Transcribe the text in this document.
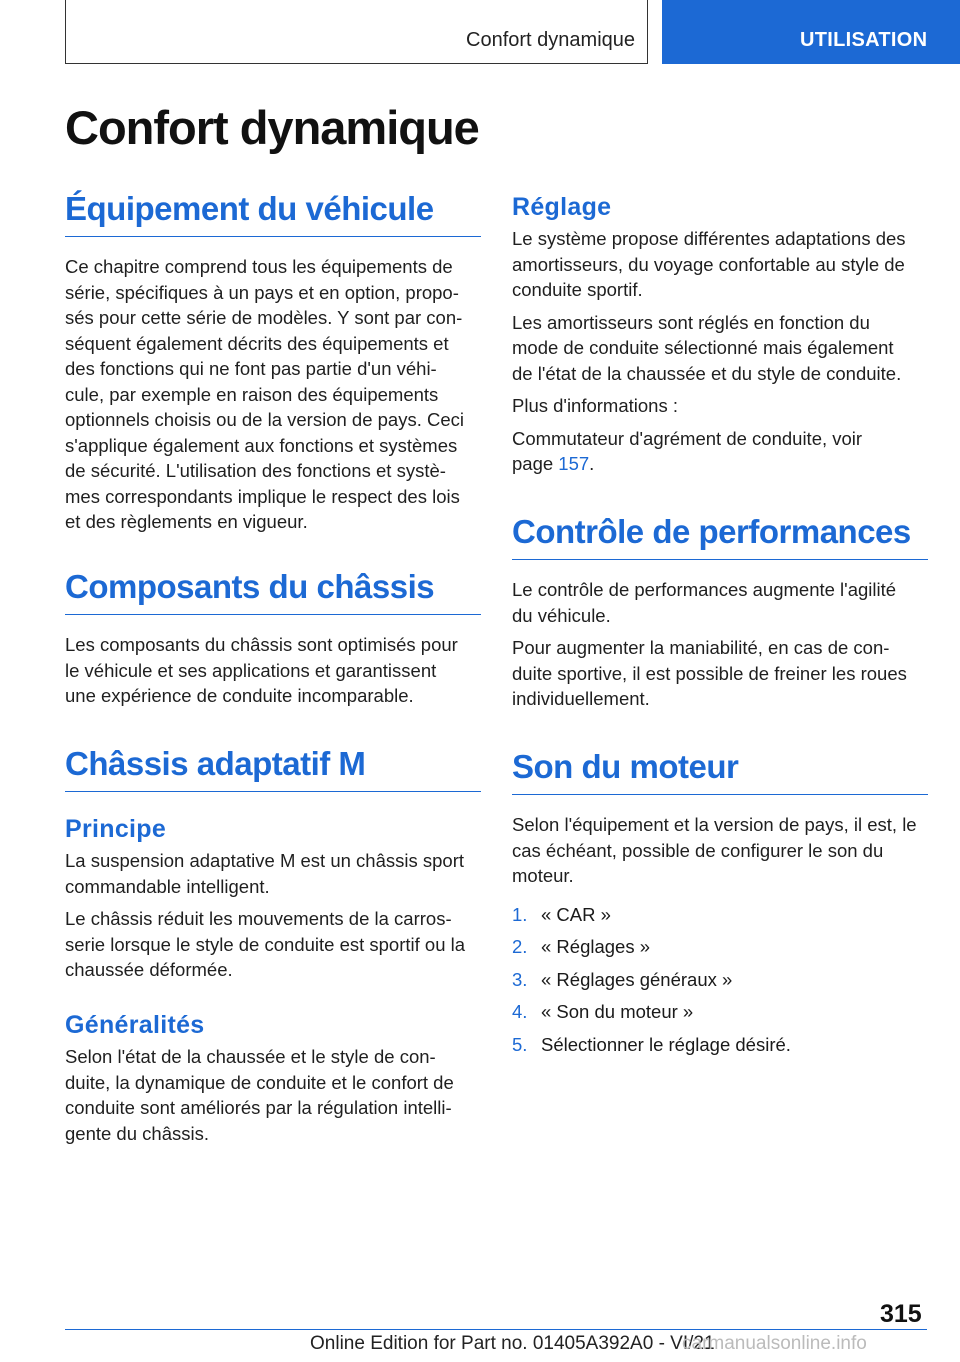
Confort dynamique	UTILISATION
Confort dynamique
Équipement du véhicule

Ce chapitre comprend tous les équipements de
série, spécifiques à un pays et en option, propo-
sés pour cette série de modèles. Y sont par con-
séquent également décrits des équipements et
des fonctions qui ne font pas partie d'un véhi-
cule, par exemple en raison des équipements
optionnels choisis ou de la version de pays. Ceci
s'applique également aux fonctions et systèmes
de sécurité. L'utilisation des fonctions et systè-
mes correspondants implique le respect des lois
et des règlements en vigueur.

Composants du châssis

Les composants du châssis sont optimisés pour
le véhicule et ses applications et garantissent
une expérience de conduite incomparable.

Châssis adaptatif M
Principe

La suspension adaptative M est un châssis sport
commandable intelligent.

Le châssis réduit les mouvements de la carros-
serie lorsque le style de conduite est sportif ou la
chaussée déformée.

Généralités

Selon l'état de la chaussée et le style de con-
duite, la dynamique de conduite et le confort de
conduite sont améliorés par la régulation intelli-
gente du châssis.

Réglage

Le système propose différentes adaptations des
amortisseurs, du voyage confortable au style de
conduite sportif.

Les amortisseurs sont réglés en fonction du
mode de conduite sélectionné mais également
de l'état de la chaussée et du style de conduite.

Plus d'informations :

Commutateur d'agrément de conduite, voir
page 157.

Contrôle de performances

Le contrôle de performances augmente l'agilité
du véhicule.

Pour augmenter la maniabilité, en cas de con-
duite sportive, il est possible de freiner les roues
individuellement.

Son du moteur

Selon l'équipement et la version de pays, il est, le
cas échéant, possible de configurer le son du
moteur.

1. « CAR »
2. « Réglages »
3. « Réglages généraux »
4. « Son du moteur »
5. Sélectionner le réglage désiré.
315
Online Edition for Part no. 01405A392A0 - VI/21
carmanualsonline.info
